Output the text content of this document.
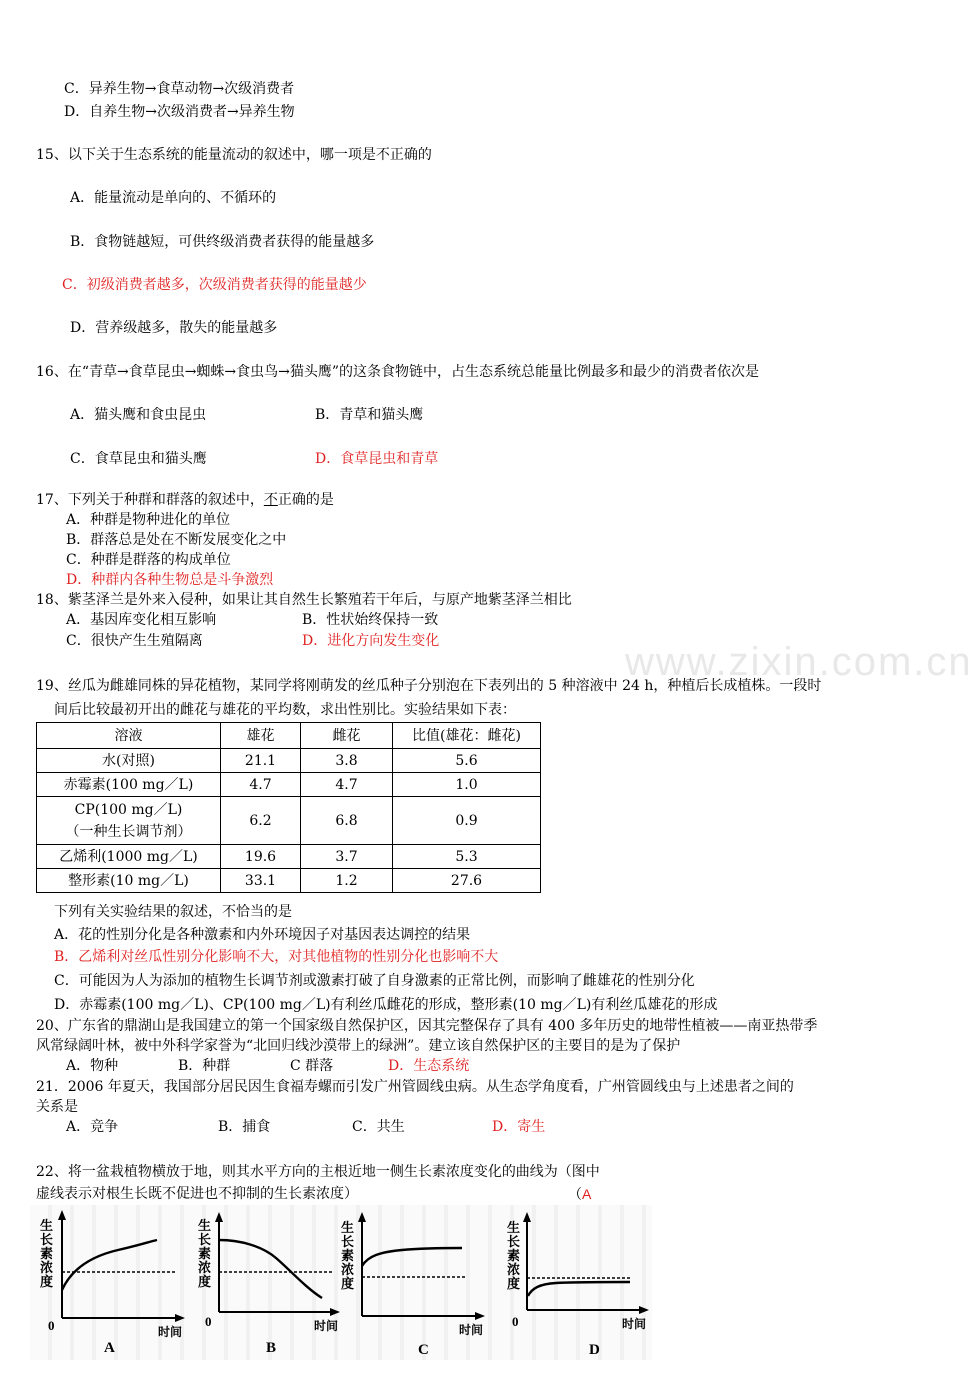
www.zixin.com.cn
C．异养生物→食草动物→次级消费者
D．自养生物→次级消费者→异养生物
15、以下关于生态系统的能量流动的叙述中，哪一项是不正确的
A．能量流动是单向的、不循环的
B．食物链越短，可供终级消费者获得的能量越多
C．初级消费者越多，次级消费者获得的能量越少
D．营养级越多，散失的能量越多
16、在“青草→食草昆虫→蜘蛛→食虫鸟→猫头鹰”的这条食物链中，占生态系统总能量比例最多和最少的消费者依次是
A．猫头鹰和食虫昆虫	B．青草和猫头鹰
C．食草昆虫和猫头鹰	D．食草昆虫和青草
17、下列关于种群和群落的叙述中，不正确的是
A．种群是物种进化的单位
B．群落总是处在不断发展变化之中
C．种群是群落的构成单位
D．种群内各种生物总是斗争激烈
18、紫茎泽兰是外来入侵种，如果让其自然生长繁殖若干年后，与原产地紫茎泽兰相比
A．基因库变化相互影响	B．性状始终保持一致
C．很快产生生殖隔离	D．进化方向发生变化
19、丝瓜为雌雄同株的异花植物，某同学将刚萌发的丝瓜种子分别泡在下表列出的 5 种溶液中 24 h，种植后长成植株。一段时
间后比较最初开出的雌花与雄花的平均数，求出性别比。实验结果如下表：
溶液	雄花	雌花	比值(雄花：雌花)
水(对照)	21.1	3.8	5.6
赤霉素(100 mg／L)	4.7	4.7	1.0
CP(100 mg／L)
（一种生长调节剂）	6.2	6.8	0.9
乙烯利(1000 mg／L)	19.6	3.7	5.3
整形素(10 mg／L)	33.1	1.2	27.6
下列有关实验结果的叙述，不恰当的是
A．花的性别分化是各种激素和内外环境因子对基因表达调控的结果
B．乙烯利对丝瓜性别分化影响不大，对其他植物的性别分化也影响不大
C．可能因为人为添加的植物生长调节剂或激素打破了自身激素的正常比例，而影响了雌雄花的性别分化
D．赤霉素(100 mg／L)、CP(100 mg／L)有利丝瓜雌花的形成，整形素(10 mg／L)有利丝瓜雄花的形成
20、广东省的鼎湖山是我国建立的第一个国家级自然保护区，因其完整保存了具有 400 多年历史的地带性植被——南亚热带季
风常绿阔叶林，被中外科学家誉为“北回归线沙漠带上的绿洲”。建立该自然保护区的主要目的是为了保护
A．物种	B．种群	C 群落	D．生态系统
21．2006 年夏天，我国部分居民因生食福寿螺而引发广州管圆线虫病。从生态学角度看，广州管圆线虫与上述患者之间的
关系是
A．竞争	B．捕食	C．共生	D．寄生
22、将一盆栽植物横放于地，则其水平方向的主根近地一侧生长素浓度变化的曲线为（图中
虚线表示对根生长既不促进也不抑制的生长素浓度）	（A
生长素浓度
0	时间
A
生长素浓度
0	时间
B
生长素浓度
时间
C
生长素浓度
0	时间
D
